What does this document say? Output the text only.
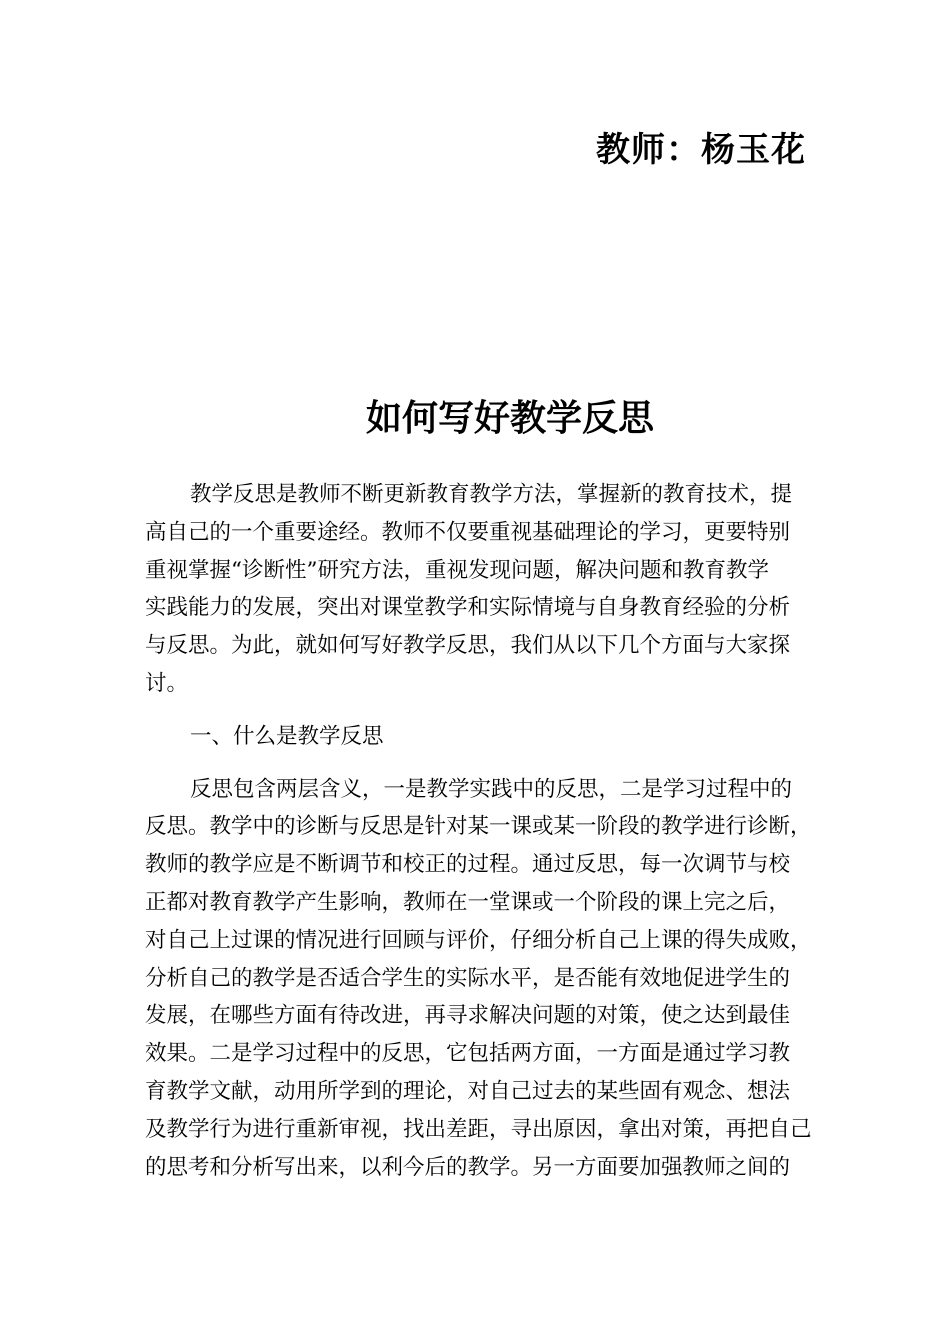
教师：杨玉花
如何写好教学反思

教学反思是教师不断更新教育教学方法，掌握新的教育技术，提
高自己的一个重要途经。教师不仅要重视基础理论的学习，更要特别
重视掌握“诊断性”研究方法，重视发现问题，解决问题和教育教学
实践能力的发展，突出对课堂教学和实际情境与自身教育经验的分析
与反思。为此，就如何写好教学反思，我们从以下几个方面与大家探
讨。

一、什么是教学反思

反思包含两层含义，一是教学实践中的反思，二是学习过程中的
反思。教学中的诊断与反思是针对某一课或某一阶段的教学进行诊断，
教师的教学应是不断调节和校正的过程。通过反思，每一次调节与校
正都对教育教学产生影响，教师在一堂课或一个阶段的课上完之后，
对自己上过课的情况进行回顾与评价，仔细分析自己上课的得失成败，
分析自己的教学是否适合学生的实际水平，是否能有效地促进学生的
发展，在哪些方面有待改进，再寻求解决问题的对策，使之达到最佳
效果。二是学习过程中的反思，它包括两方面，一方面是通过学习教
育教学文献，动用所学到的理论，对自己过去的某些固有观念、想法
及教学行为进行重新审视，找出差距，寻出原因，拿出对策，再把自己
的思考和分析写出来，以利今后的教学。另一方面要加强教师之间的
